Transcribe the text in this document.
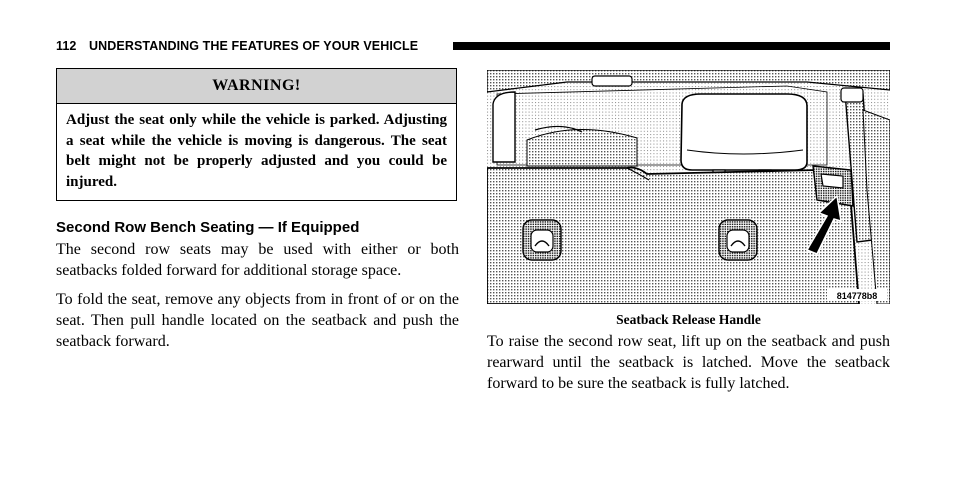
112 UNDERSTANDING THE FEATURES OF YOUR VEHICLE
WARNING!
Adjust the seat only while the vehicle is parked. Adjusting a seat while the vehicle is moving is dangerous. The seat belt might not be properly adjusted and you could be injured.
Second Row Bench Seating — If Equipped
The second row seats may be used with either or both seatbacks folded forward for additional storage space.
To fold the seat, remove any objects from in front of or on the seat. Then pull handle located on the seatback and push the seatback forward.
814778b8
Seatback Release Handle
To raise the second row seat, lift up on the seatback and push rearward until the seatback is latched. Move the seatback forward to be sure the seatback is fully latched.
